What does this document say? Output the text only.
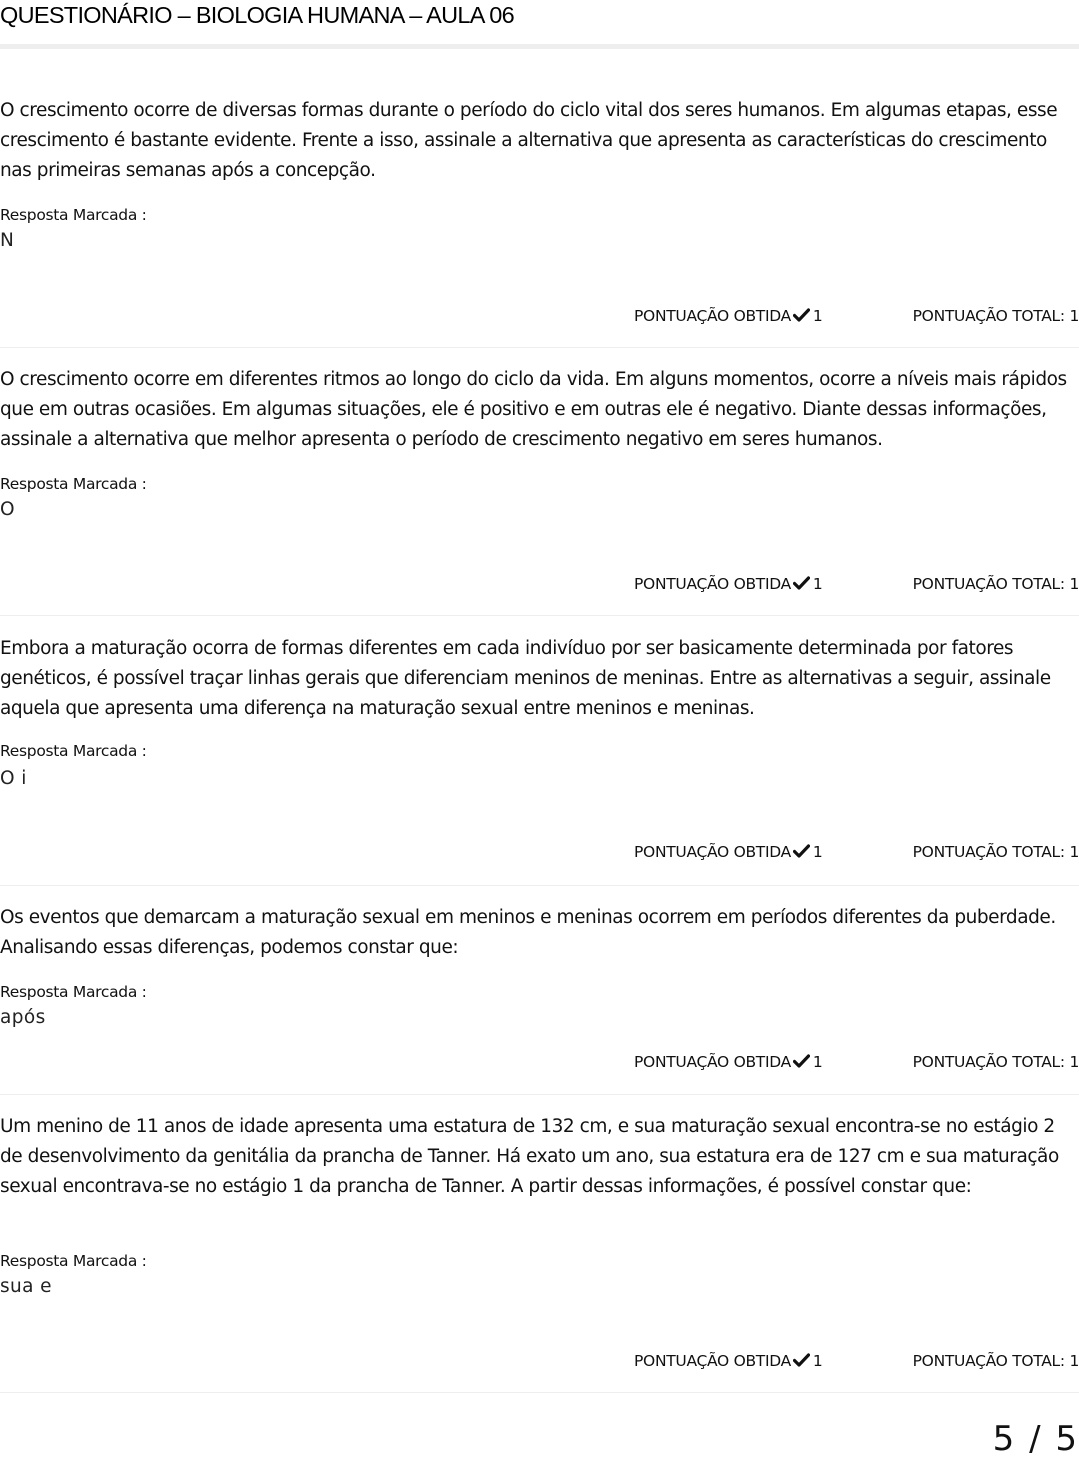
QUESTIONÁRIO – BIOLOGIA HUMANA – AULA 06
O crescimento ocorre de diversas formas durante o período do ciclo vital dos seres humanos. Em algumas etapas, esse crescimento é bastante evidente. Frente a isso, assinale a alternativa que apresenta as características do crescimento nas primeiras semanas após a concepção.
Resposta Marcada :
N
PONTUAÇÃO OBTIDA 1	PONTUAÇÃO TOTAL: 1
O crescimento ocorre em diferentes ritmos ao longo do ciclo da vida. Em alguns momentos, ocorre a níveis mais rápidos que em outras ocasiões. Em algumas situações, ele é positivo e em outras ele é negativo. Diante dessas informações, assinale a alternativa que melhor apresenta o período de crescimento negativo em seres humanos.
Resposta Marcada :
O
PONTUAÇÃO OBTIDA 1	PONTUAÇÃO TOTAL: 1
Embora a maturação ocorra de formas diferentes em cada indivíduo por ser basicamente determinada por fatores genéticos, é possível traçar linhas gerais que diferenciam meninos de meninas. Entre as alternativas a seguir, assinale aquela que apresenta uma diferença na maturação sexual entre meninos e meninas.
Resposta Marcada :
O i
PONTUAÇÃO OBTIDA 1	PONTUAÇÃO TOTAL: 1
Os eventos que demarcam a maturação sexual em meninos e meninas ocorrem em períodos diferentes da puberdade. Analisando essas diferenças, podemos constar que:
Resposta Marcada :
após
PONTUAÇÃO OBTIDA 1	PONTUAÇÃO TOTAL: 1
Um menino de 11 anos de idade apresenta uma estatura de 132 cm, e sua maturação sexual encontra-se no estágio 2 de desenvolvimento da genitália da prancha de Tanner. Há exato um ano, sua estatura era de 127 cm e sua maturação sexual encontrava-se no estágio 1 da prancha de Tanner. A partir dessas informações, é possível constar que:
Resposta Marcada :
sua e
PONTUAÇÃO OBTIDA 1	PONTUAÇÃO TOTAL: 1
5 / 5
